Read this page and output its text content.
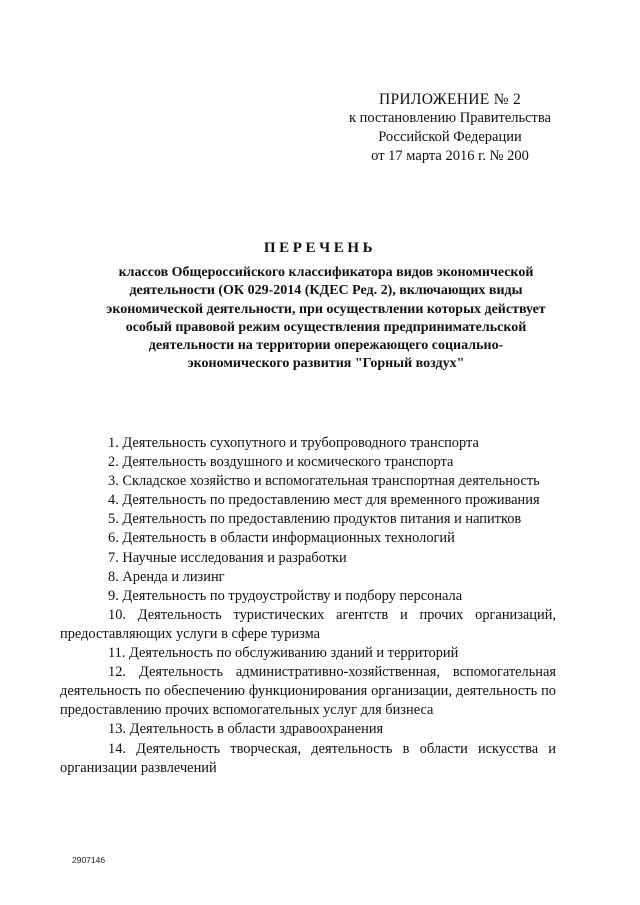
ПРИЛОЖЕНИЕ № 2
к постановлению Правительства
Российской Федерации
от 17 марта 2016 г. № 200
ПЕРЕЧЕНЬ
классов Общероссийского классификатора видов экономической
деятельности (ОК 029-2014 (КДЕС Ред. 2), включающих виды
экономической деятельности, при осуществлении которых действует
особый правовой режим осуществления предпринимательской
деятельности на территории опережающего социально-
экономического развития "Горный воздух"

1. Деятельность сухопутного и трубопроводного транспорта

2. Деятельность воздушного и космического транспорта

3. Складское хозяйство и вспомогательная транспортная деятельность

4. Деятельность по предоставлению мест для временного проживания

5. Деятельность по предоставлению продуктов питания и напитков

6. Деятельность в области информационных технологий

7. Научные исследования и разработки

8. Аренда и лизинг

9. Деятельность по трудоустройству и подбору персонала

10. Деятельность туристических агентств и прочих организаций, предоставляющих услуги в сфере туризма

11. Деятельность по обслуживанию зданий и территорий

12. Деятельность административно-хозяйственная, вспомогательная деятельность по обеспечению функционирования организации, деятельность по предоставлению прочих вспомогательных услуг для бизнеса

13. Деятельность в области здравоохранения

14. Деятельность творческая, деятельность в области искусства и организации развлечений

2907146
